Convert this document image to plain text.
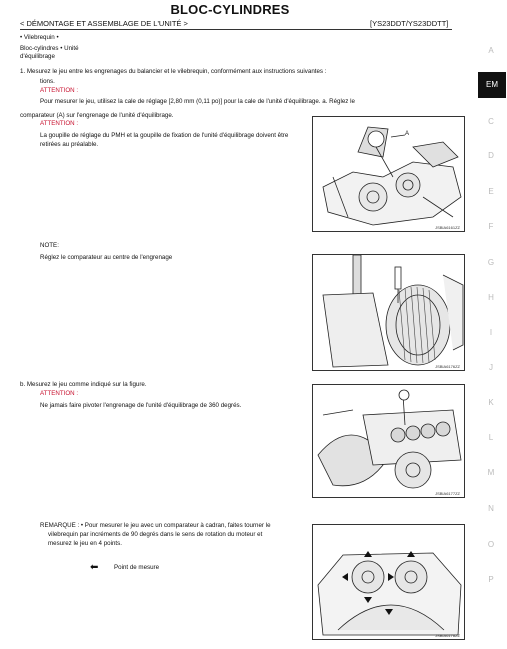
BLOC-CYLINDRES
< DÉMONTAGE ET ASSEMBLAGE DE L'UNITÉ >	[YS23DDT/YS23DDTT]
• Vilebrequin •
Bloc-cylindres • Unité
d'équilibrage
1. Mesurez le jeu entre les engrenages du balancier et le vilebrequin, conformément aux instructions suivantes :
tions.
ATTENTION :
Pour mesurer le jeu, utilisez la cale de réglage [2,80 mm (0,11 po)] pour la cale de l'unité d'équilibrage. a. Réglez le
comparateur (A) sur l'engrenage de l'unité d'équilibrage.
ATTENTION :
La goupille de réglage du PMH et la goupille de fixation de l'unité d'équilibrage doivent être
retirées au préalable.
A
JSBIA6161ZZ
NOTE:
Réglez le comparateur au centre de l'engrenage
JSBIA6176ZZ
b. Mesurez le jeu comme indiqué sur la figure.
ATTENTION :
Ne jamais faire pivoter l'engrenage de l'unité d'équilibrage de 360 degrés.
JSBIA6177ZZ
REMARQUE : • Pour mesurer le jeu avec un comparateur à cadran, faites tourner le
vilebrequin par incréments de 90 degrés dans le sens de rotation du moteur et
mesurez le jeu en 4 points.
⬅	Point de mesure
JSBIA6178ZZ
A
C
D
E
F
G
H
I
J
K
L
M
N
O
P
EM
